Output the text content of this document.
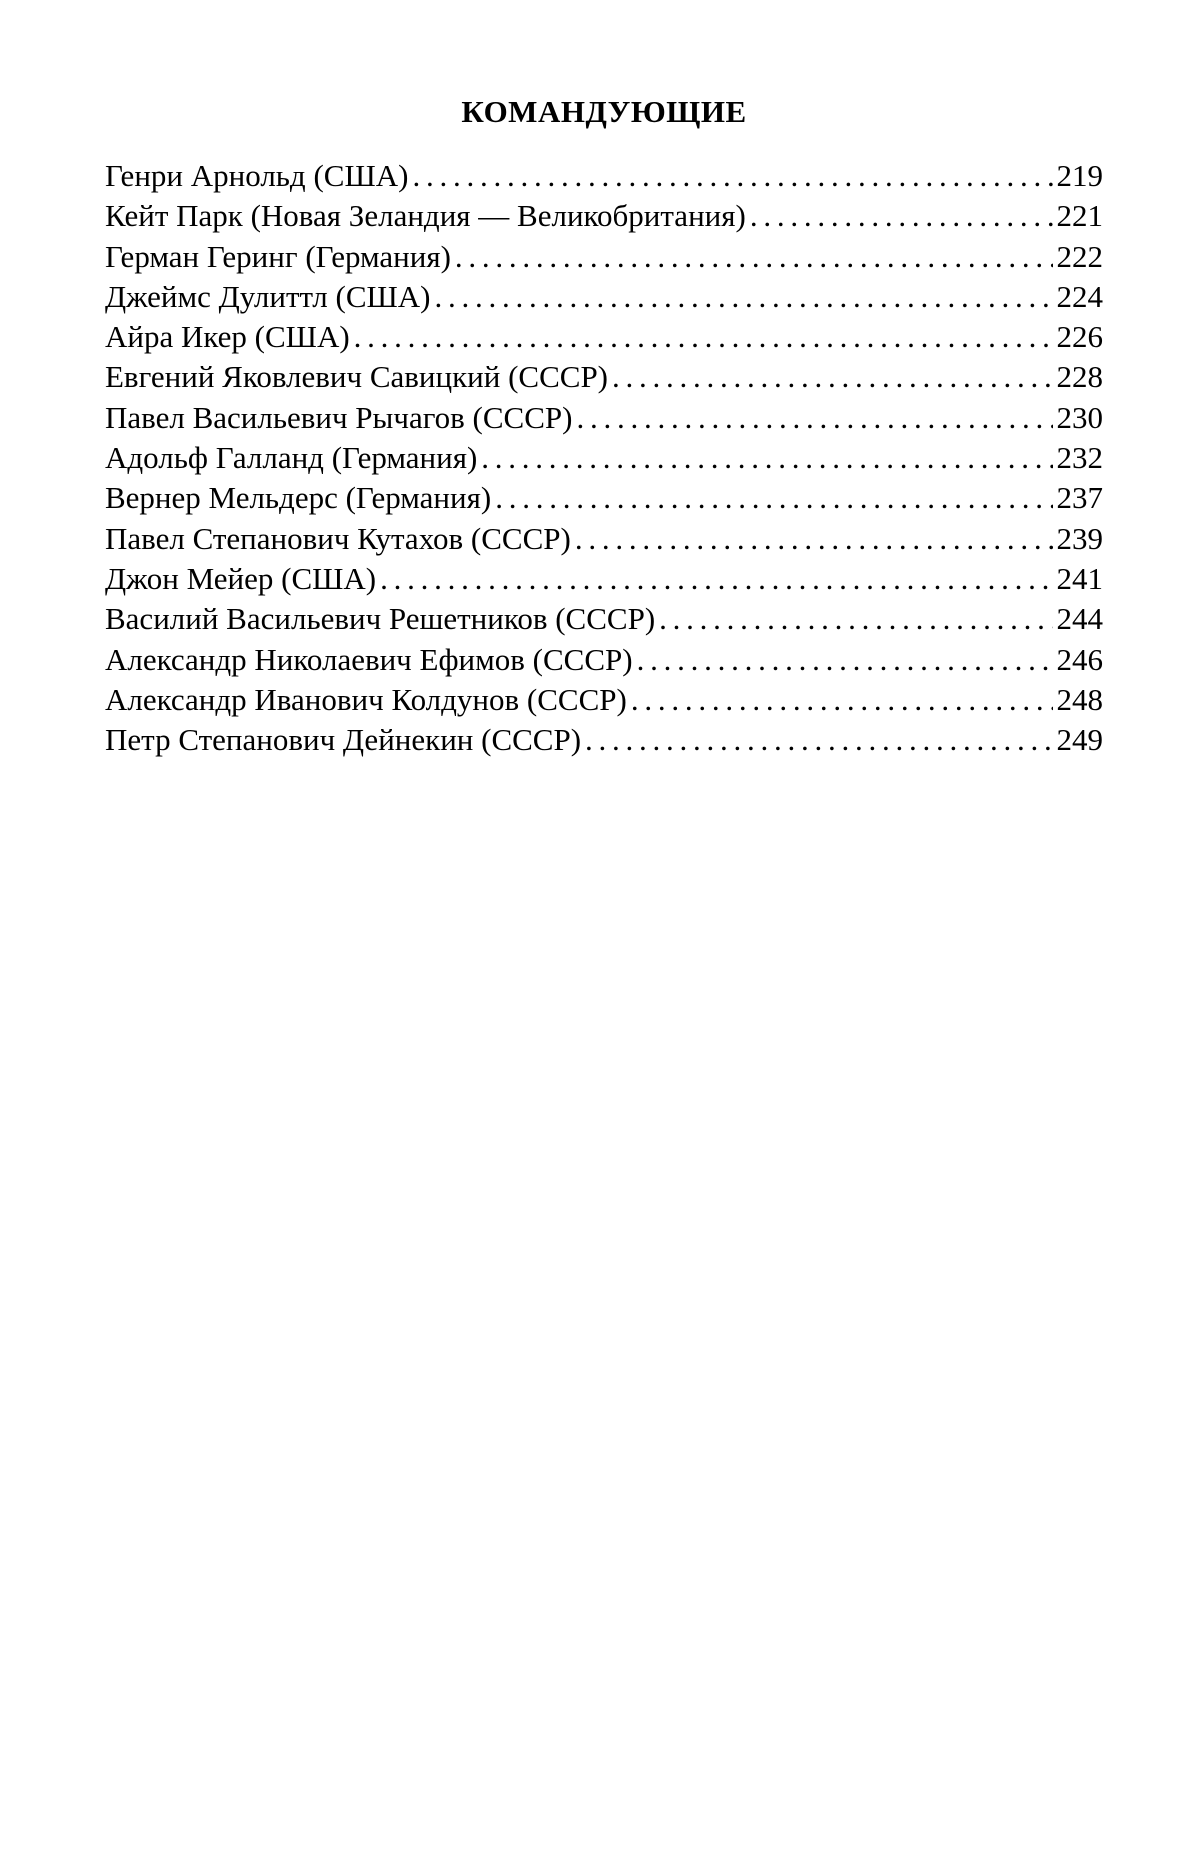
КОМАНДУЮЩИЕ
Генри Арнольд (США) . . .	219
Кейт Парк (Новая Зеландия — Великобритания) . . .	221
Герман Геринг (Германия) . . .	222
Джеймс Дулиттл (США) . . .	224
Айра Икер (США) . . .	226
Евгений Яковлевич Савицкий (СССР) . . .	228
Павел Васильевич Рычагов (СССР) . . .	230
Адольф Галланд (Германия) . . .	232
Вернер Мельдерс (Германия) . . .	237
Павел Степанович Кутахов (СССР) . . .	239
Джон Мейер (США) . . .	241
Василий Васильевич Решетников (СССР) . . .	244
Александр Николаевич Ефимов (СССР) . . .	246
Александр Иванович Колдунов (СССР) . . .	248
Петр Степанович Дейнекин (СССР) . . .	249
